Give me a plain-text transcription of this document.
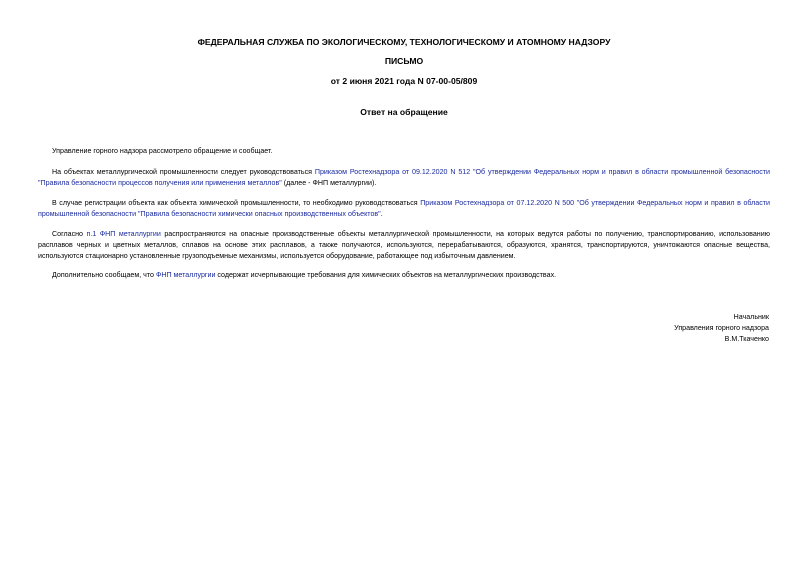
ФЕДЕРАЛЬНАЯ СЛУЖБА ПО ЭКОЛОГИЧЕСКОМУ, ТЕХНОЛОГИЧЕСКОМУ И АТОМНОМУ НАДЗОРУ
ПИСЬМО
от 2 июня 2021 года N 07-00-05/809
Ответ на обращение

Управление горного надзора рассмотрело обращение и сообщает.

На объектах металлургической промышленности следует руководствоваться Приказом Ростехнадзора от 09.12.2020 N 512 "Об утверждении Федеральных норм и правил в области промышленной безопасности "Правила безопасности процессов получения или применения металлов" (далее - ФНП металлургии).

В случае регистрации объекта как объекта химической промышленности, то необходимо руководствоваться Приказом Ростехнадзора от 07.12.2020 N 500 "Об утверждении Федеральных норм и правил в области промышленной безопасности "Правила безопасности химически опасных производственных объектов".

Согласно п.1 ФНП металлургии распространяются на опасные производственные объекты металлургической промышленности, на которых ведутся работы по получению, транспортированию, использованию расплавов черных и цветных металлов, сплавов на основе этих расплавов, а также получаются, используются, перерабатываются, образуются, хранятся, транспортируются, уничтожаются опасные вещества, используются стационарно установленные грузоподъемные механизмы, используется оборудование, работающее под избыточным давлением.

Дополнительно сообщаем, что ФНП металлургии содержат исчерпывающие требования для химических объектов на металлургических производствах.

Начальник
Управления горного надзора
В.М.Ткаченко
